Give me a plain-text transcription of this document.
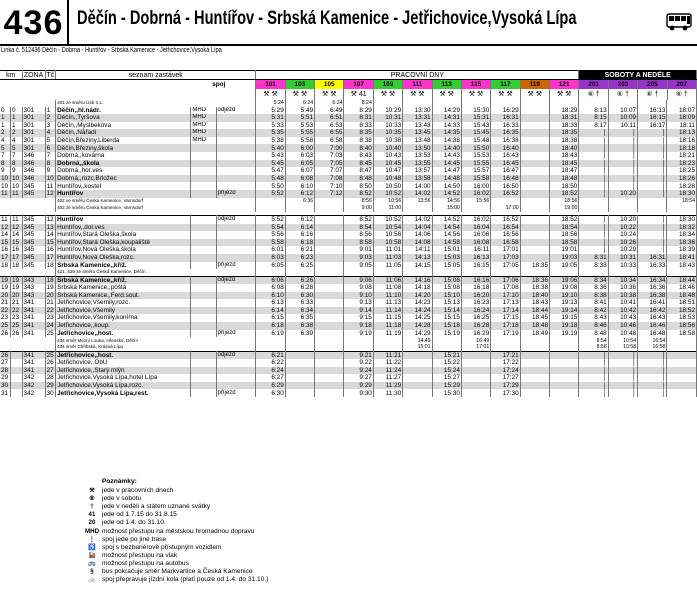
436 Děčín - Dobrná - Huntířov - Srbská Kamenice - Jetřichovice,Vysoká Lípa
Linka č. 512436 Děčín - Dobrná - Huntířov - Srbská Kamenice - Jetřichovice,Vysoká Lípa
km	ZÓNA	Tč	seznam zastávek	PRACOVNÍ DNY											SOBOTY A NEDĚLE			
spoj				101	103	105	107	109	111	113	115	117	119	121	201	203	205	207
				⚒ ⚒	⚒ ⚒	⚒ ⚒	⚒ 41	⚒ ⚒	⚒ ⚒	⚒ ⚒	⚒ ⚒	⚒ ⚒	⚒ ⚒	⚒ ⚒	⑥ †	⑥ †	⑥ †	⑥ †
				401 ze směru Ústí n.L.			5:24	6:24	6:24	8:24											
0	0	301	1	Děčín,,hl.nádr.	MHD	odjezd	5:29	5:49	6:49	8:29	10:29	13:30	14:29	15:30	16:29		18:29	8:13	10:07	16:13	18:07
1	1	301	2	Děčín,,Tyršova	MHD		5:31	5:51	6:51	8:31	10:31	13:31	14:31	15:31	16:31		18:31	8:15	10:09	16:15	18:09
1	1	301	3	Děčín,,Myslbekova	MHD		5:33	5:53	6:53	8:33	10:33	13:43	14:33	15:43	16:33		18:33	8:17	10:11	16:17	18:11
2	2	301	4	Děčín,,Nářadí	MHD		5:35	5:55	6:55	8:35	10:35	13:45	14:35	15:45	16:35		18:35	│	│	│	18:13
4	4	301	5	Děčín,Březiny,Liberda	MHD		5:38	5:58	6:58	8:38	10:38	13:48	14:38	15:48	16:38		18:38	│	│	│	18:16
5	5	301	6	Děčín,Březiny,škola			5:40	6:00	7:00	8:40	10:40	13:50	14:40	15:50	16:40		18:40	│	│	│	18:18
7	7	346	7	Dobrná,,kovárna			5:43	6:03	7:03	8:43	10:43	13:53	14:43	15:53	16:43		18:43	│	│	│	18:21
8	8	346	8	Dobrná,,škola			5:45	6:05	7:05	8:45	10:45	13:55	14:45	15:55	16:45		18:45	│	│	│	18:23
9	9	346	9	Dobrná,,hor.ves			5:47	6:07	7:07	8:47	10:47	13:57	14:47	15:57	16:47		18:47	│	│	│	18:25
10	10	346	10	Dobrná,,rozc.Brložec			5:48	6:08	7:08	8:48	10:48	13:58	14:48	15:58	16:48		18:48	│	│	│	18:26
10	10	345	11	Huntířov,,kostel			5:50	6:10	7:10	8:50	10:50	14:00	14:50	16:00	16:50		18:50	│	│	│	18:28
11	11	345	12	Huntířov		příjezd	5:52	6:12	7:12	8:52	10:52	14:02	14:52	16:02	16:52		18:52	│	10:20	│	18:30
				402 ve směru Česká Kamenice, Varnsdorf				6:36		8:56	10:56	13:56	14:56	15:56			18:56				18:54
				402 ze směru Česká Kamenice, Varnsdorf						9:00	11:00		15:00		17:00		19:00				

11	11	345	12	Huntířov		odjezd	5:52	6:12		8:52	10:52	14:02	14:52	16:02	16:52		18:52	│	10:20	│	18:30
12	12	345	13	Huntířov,,dol.ves			5:54	6:14		8:54	10:54	14:04	14:54	16:04	16:54		18:54	│	10:22	│	18:32
14	14	345	14	Huntířov,Stará Oleška,škola			5:56	6:16		8:56	10:56	14:06	14:56	16:06	16:56		18:56	│	10:24	│	18:34
15	15	345	15	Huntířov,Stará Oleška,koupaliště			5:58	6:18		8:58	10:58	14:08	14:58	16:08	16:58		18:58	│	10:26	│	18:36
16	16	345	16	Huntířov,Nová Oleška,škola			6:01	6:21		9:01	11:01	14:11	15:01	16:11	17:01		19:01	│	10:29	│	18:39
17	17	345	17	Huntířov,Nová Oleška,rozc.			6:03	6:23		9:03	11:03	14:13	15:03	16:13	17:03		19:03	8:31	10:31	16:31	18:41
18	18	345	18	Srbská Kamenice,,kříž.		příjezd	6:05	6:25		9:05	11:05	14:15	15:05	16:15	17:05	18:35	19:05	8:33	10:33	16:33	18:43
				421, 439 ze směru Česká Kamenice, Děčín																	
19	19	343	18	Srbská Kamenice,,kříž.		odjezd	6:06	6:26		9:06	11:06	14:16	15:06	16:16	17:06	18:36	19:06	8:34	10:34	16:34	18:44
19	19	343	19	Srbská Kamenice,,pošta			6:08	6:28		9:08	11:08	14:18	15:08	16:18	17:08	18:38	19:08	8:36	10:36	16:36	18:46
20	20	343	20	Srbská Kamenice,,Ferd.sout.			6:10	6:30		9:10	11:10	14:20	15:10	16:20	17:10	18:40	19:10	8:38	10:38	16:38	18:48
21	21	341	21	Jetřichovice,Všemily,rozc.			6:13	6:33		9:13	11:13	14:23	15:13	16:23	17:13	18:43	19:13	8:41	10:41	16:41	18:51
22	22	341	22	Jetřichovice,Všemily			6:14	6:34		9:14	11:14	14:24	15:14	16:24	17:14	18:44	19:14	8:42	10:42	16:42	18:52
23	23	341	23	Jetřichovice,Všemily,konírna			6:15	6:35		9:15	11:15	14:25	15:15	16:25	17:15	18:45	19:15	8:43	10:43	16:43	18:53
25	25	341	24	Jetřichovice,,koup.			6:18	6:38		9:18	11:18	14:28	15:18	16:28	17:18	18:48	19:18	8:46	10:46	16:46	18:56
26	26	341	25	Jetřichovice,,host.		příjezd	6:19	6:39		9:19	11:19	14:29	15:19	16:29	17:19	18:49	19:19	8:48	10:48	16:48	18:58
				434 směr Mezní Louka, Hřensko, Děčín								14:49		16:49				8:54	10:54	16:54	
				434 směr Chřibská, Krásná Lípa								15:01		17:01				8:58	10:58	16:58	
26		341	25	Jetřichovice,,host.		odjezd	6:21			9:21	11:21		15:21		17:21			│	│	│	
27		341	26	Jetřichovice,,ObÚ			6:22			9:22	11:22		15:22		17:22			│	│	│	
28		341	27	Jetřichovice,,Starý mlýn			6:24			9:24	11:24		15:24		17:24			│	│	│	
29		342	28	Jetřichovice,Vysoká Lípa,hotel Lípa			6:27			9:27	11:27		15:27		17:27			│	│	│	
30		342	29	Jetřichovice,Vysoká Lípa,rozc.			6:29			9:29	11:29		15:29		17:29			│	│	│	
31		342	30	Jetřichovice,Vysoká Lípa,rest.		příjezd	6:30			9:30	11:30		15:30		17:30			│	│	│	
Poznámky:
⚒	jede v pracovních dnech
⑥	jede v sobotu
†	jede v neděli a státem uznané svátky
41 jede od 1.7.15 do 31.8.15
20 jede od 1.4. do 31.10.
MHD možnost přestupu na městskou hromadnou dopravu
⋮	spoj jede po jiné trase
♿ spoj s bezbariérově přístupným vozidlem
🚂 možnost přestupu na vlak
🚌 možnost přestupu na autobus
§	bus pokračuje směr Markvartice a Česká Kamenice
🚲 spoj přepravuje jízdní kola (platí pouze od 1.4. do 31.10.)
